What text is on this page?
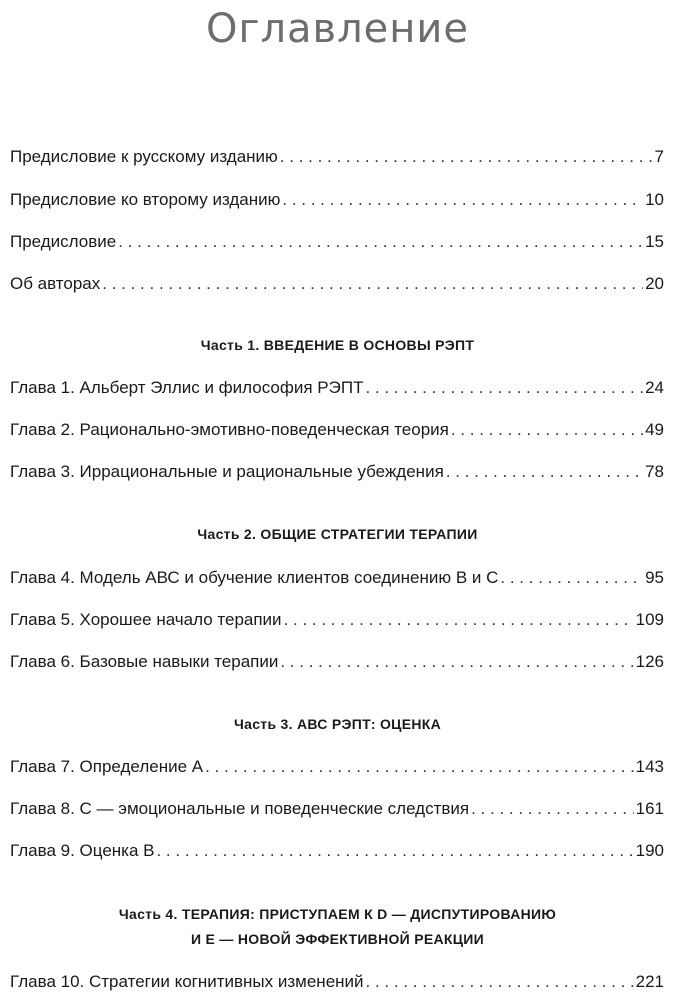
Оглавление
Предисловие к русскому изданию . . .	7
Предисловие ко второму изданию . . .	10
Предисловие . . .	15
Об авторах . . .	20
Часть 1. ВВЕДЕНИЕ В ОСНОВЫ РЭПТ
Глава 1. Альберт Эллис и философия РЭПТ . . .	24
Глава 2. Рационально-эмотивно-поведенческая теория . . .	49
Глава 3. Иррациональные и рациональные убеждения . . .	78
Часть 2. ОБЩИЕ СТРАТЕГИИ ТЕРАПИИ
Глава 4. Модель АВС и обучение клиентов соединению В и С . . .	95
Глава 5. Хорошее начало терапии . . .	109
Глава 6. Базовые навыки терапии . . .	126
Часть 3. АВС РЭПТ: ОЦЕНКА
Глава 7. Определение А . . .	143
Глава 8. С — эмоциональные и поведенческие следствия . . .	161
Глава 9. Оценка В . . .	190
Часть 4. ТЕРАПИЯ: ПРИСТУПАЕМ К D — ДИСПУТИРОВАНИЮ
И Е — НОВОЙ ЭФФЕКТИВНОЙ РЕАКЦИИ
Глава 10. Стратегии когнитивных изменений . . .	221
